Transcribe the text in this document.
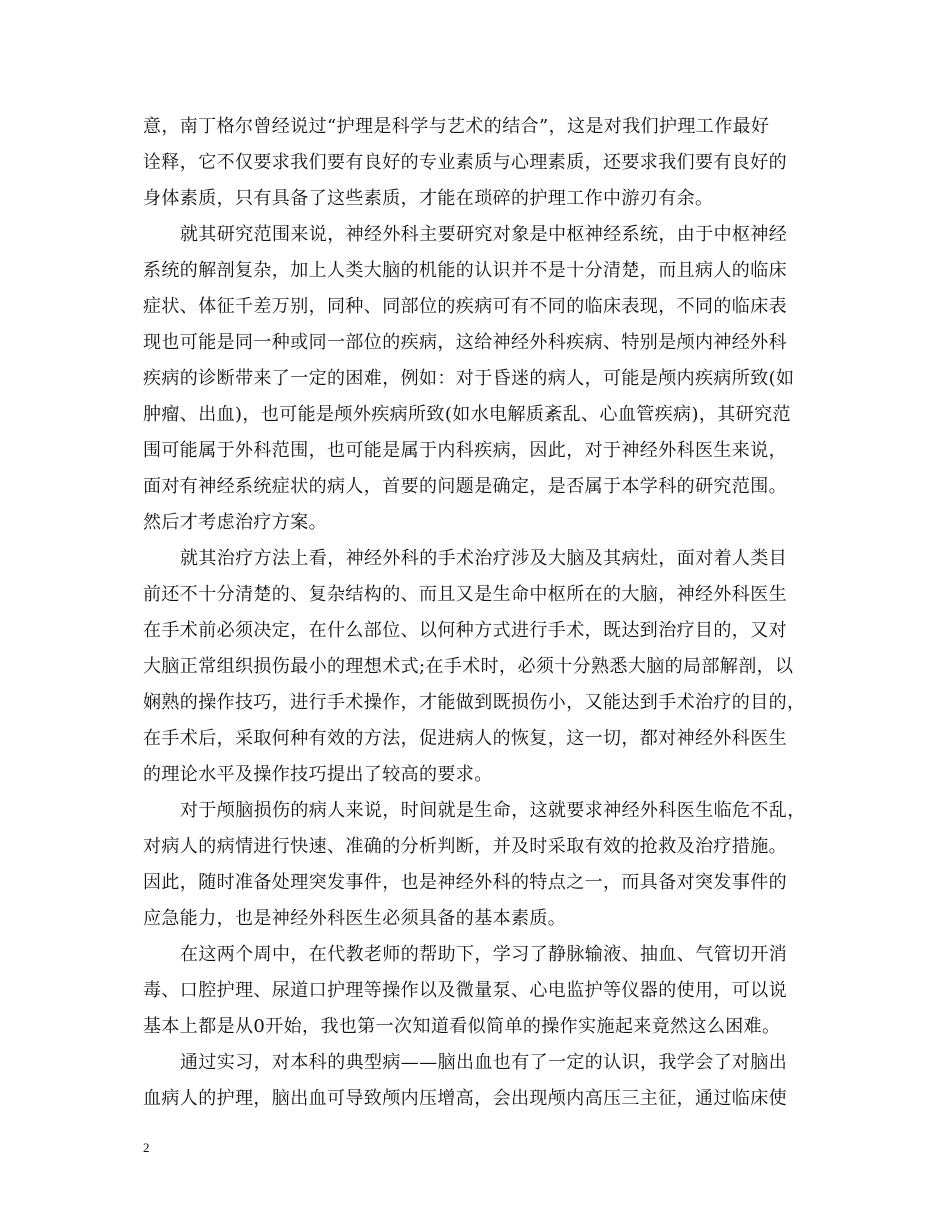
意，南丁格尔曾经说过“护理是科学与艺术的结合”，这是对我们护理工作最好
诠释，它不仅要求我们要有良好的专业素质与心理素质，还要求我们要有良好的
身体素质，只有具备了这些素质，才能在琐碎的护理工作中游刃有余。
就其研究范围来说，神经外科主要研究对象是中枢神经系统，由于中枢神经
系统的解剖复杂，加上人类大脑的机能的认识并不是十分清楚，而且病人的临床
症状、体征千差万别，同种、同部位的疾病可有不同的临床表现，不同的临床表
现也可能是同一种或同一部位的疾病，这给神经外科疾病、特别是颅内神经外科
疾病的诊断带来了一定的困难，例如：对于昏迷的病人，可能是颅内疾病所致(如
肿瘤、出血)，也可能是颅外疾病所致(如水电解质紊乱、心血管疾病)，其研究范
围可能属于外科范围，也可能是属于内科疾病，因此，对于神经外科医生来说，
面对有神经系统症状的病人，首要的问题是确定，是否属于本学科的研究范围。
然后才考虑治疗方案。
就其治疗方法上看，神经外科的手术治疗涉及大脑及其病灶，面对着人类目
前还不十分清楚的、复杂结构的、而且又是生命中枢所在的大脑，神经外科医生
在手术前必须决定，在什么部位、以何种方式进行手术，既达到治疗目的，又对
大脑正常组织损伤最小的理想术式;在手术时，必须十分熟悉大脑的局部解剖，以
娴熟的操作技巧，进行手术操作，才能做到既损伤小，又能达到手术治疗的目的，
在手术后，采取何种有效的方法，促进病人的恢复，这一切，都对神经外科医生
的理论水平及操作技巧提出了较高的要求。
对于颅脑损伤的病人来说，时间就是生命，这就要求神经外科医生临危不乱，
对病人的病情进行快速、准确的分析判断，并及时采取有效的抢救及治疗措施。
因此，随时准备处理突发事件，也是神经外科的特点之一，而具备对突发事件的
应急能力，也是神经外科医生必须具备的基本素质。
在这两个周中，在代教老师的帮助下，学习了静脉输液、抽血、气管切开消
毒、口腔护理、尿道口护理等操作以及微量泵、心电监护等仪器的使用，可以说
基本上都是从0开始，我也第一次知道看似简单的操作实施起来竟然这么困难。
通过实习，对本科的典型病——脑出血也有了一定的认识，我学会了对脑出
血病人的护理，脑出血可导致颅内压增高，会出现颅内高压三主征，通过临床使
2
